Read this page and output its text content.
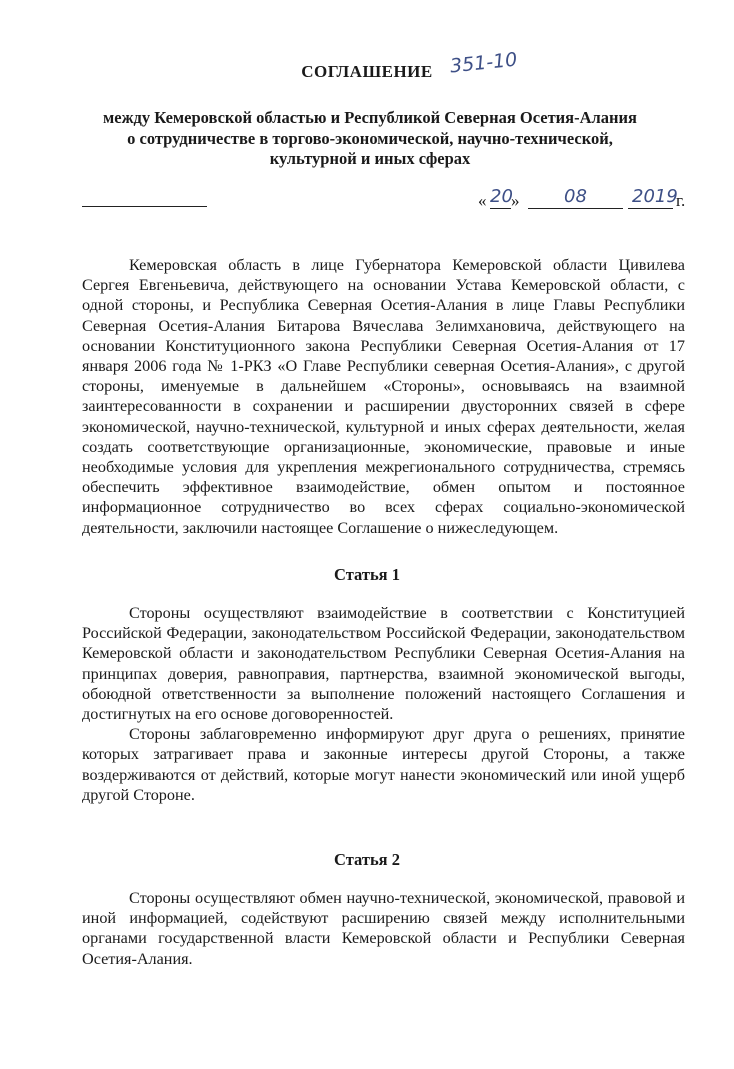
СОГЛАШЕНИЕ 351-10
между Кемеровской областью и Республикой Северная Осетия-Алания
о сотрудничестве в торгово-экономической, научно-технической,
культурной и иных сферах
« 20
» 08	2019
г.

Кемеровская область в лице Губернатора Кемеровской области Цивилева Сергея Евгеньевича, действующего на основании Устава Кемеровской области, с одной стороны, и Республика Северная Осетия-Алания в лице Главы Республики Северная Осетия-Алания Битарова Вячеслава Зелимхановича, действующего на основании Конституционного закона Республики Северная Осетия-Алания от 17 января 2006 года № 1-РКЗ «О Главе Республики северная Осетия-Алания», с другой стороны, именуемые в дальнейшем «Стороны», основываясь на взаимной заинтересованности в сохранении и расширении двусторонних связей в сфере экономической, научно-технической, культурной и иных сферах деятельности, желая создать соответствующие организационные, экономические, правовые и иные необходимые условия для укрепления межрегионального сотрудничества, стремясь обеспечить эффективное взаимодействие, обмен опытом и постоянное информационное сотрудничество во всех сферах социально-экономической деятельности, заключили настоящее Соглашение о нижеследующем.

Статья 1

Стороны осуществляют взаимодействие в соответствии с Конституцией Российской Федерации, законодательством Российской Федерации, законодательством Кемеровской области и законодательством Республики Северная Осетия-Алания на принципах доверия, равноправия, партнерства, взаимной экономической выгоды, обоюдной ответственности за выполнение положений настоящего Соглашения и достигнутых на его основе договоренностей.

Стороны заблаговременно информируют друг друга о решениях, принятие которых затрагивает права и законные интересы другой Стороны, а также воздерживаются от действий, которые могут нанести экономический или иной ущерб другой Стороне.

Статья 2

Стороны осуществляют обмен научно-технической, экономической, правовой и иной информацией, содействуют расширению связей между исполнительными органами государственной власти Кемеровской области и Республики Северная Осетия-Алания.
